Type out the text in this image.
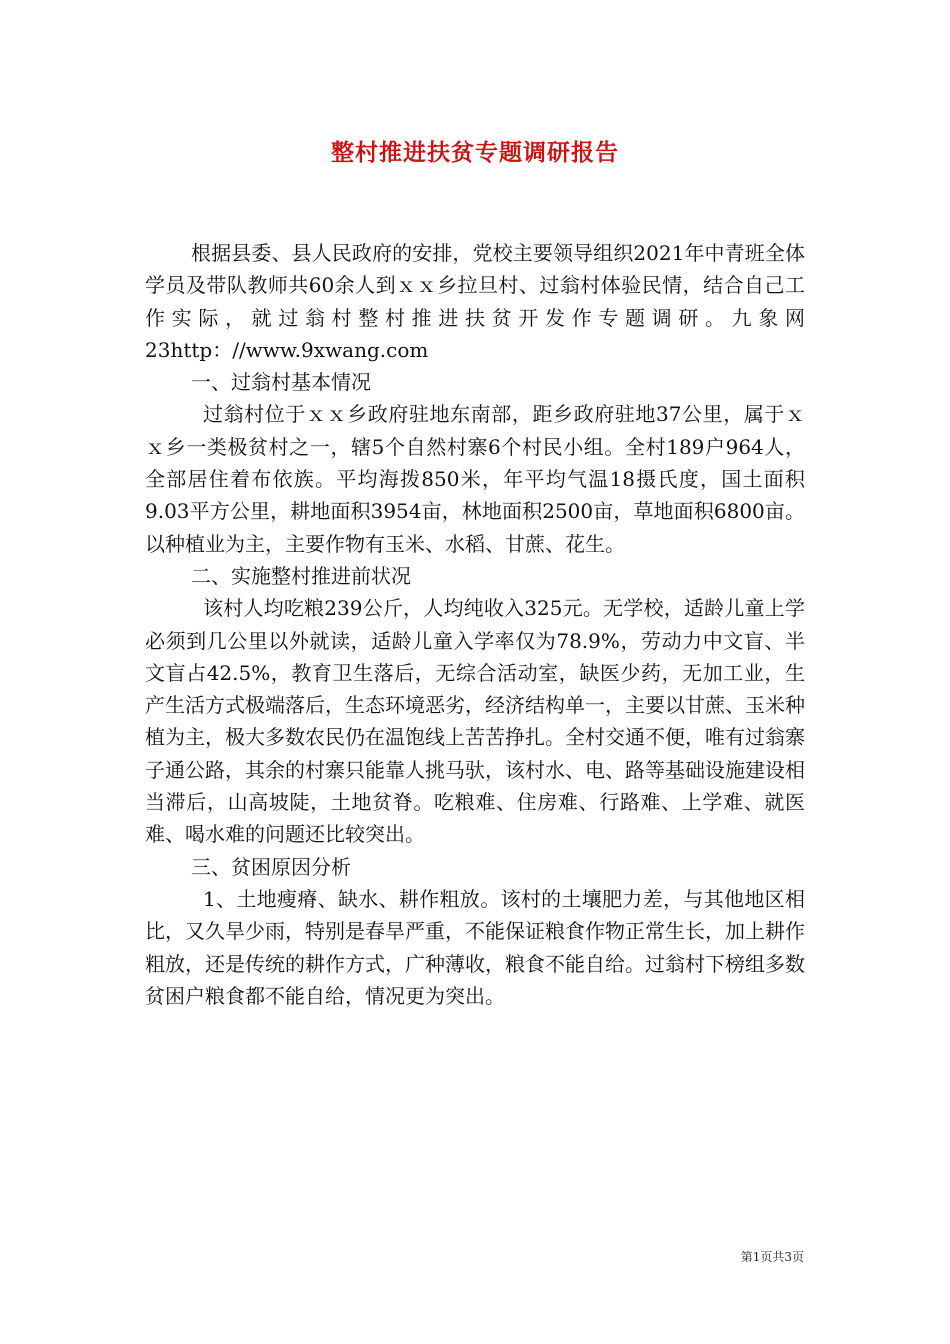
整村推进扶贫专题调研报告

根据县委、县人民政府的安排，党校主要领导组织2021年中青班全体学员及带队教师共60余人到ｘｘ乡拉旦村、过翁村体验民情，结合自己工作实际，就过翁村整村推进扶贫开发作专题调研。九象网23http：//www.9xwang.com

一、过翁村基本情况

过翁村位于ｘｘ乡政府驻地东南部，距乡政府驻地37公里，属于ｘｘ乡一类极贫村之一，辖5个自然村寨6个村民小组。全村189户964人，全部居住着布依族。平均海拨850米，年平均气温18摄氏度，国土面积9.03平方公里，耕地面积3954亩，林地面积2500亩，草地面积6800亩。以种植业为主，主要作物有玉米、水稻、甘蔗、花生。

二、实施整村推进前状况

该村人均吃粮239公斤，人均纯收入325元。无学校，适龄儿童上学必须到几公里以外就读，适龄儿童入学率仅为78.9%，劳动力中文盲、半文盲占42.5%，教育卫生落后，无综合活动室，缺医少药，无加工业，生产生活方式极端落后，生态环境恶劣，经济结构单一，主要以甘蔗、玉米种植为主，极大多数农民仍在温饱线上苦苦挣扎。全村交通不便，唯有过翁寨子通公路，其余的村寨只能靠人挑马驮，该村水、电、路等基础设施建设相当滞后，山高坡陡，土地贫脊。吃粮难、住房难、行路难、上学难、就医难、喝水难的问题还比较突出。

三、贫困原因分析

1、土地瘦瘠、缺水、耕作粗放。该村的土壤肥力差，与其他地区相比，又久旱少雨，特别是春旱严重，不能保证粮食作物正常生长，加上耕作粗放，还是传统的耕作方式，广种薄收，粮食不能自给。过翁村下榜组多数贫困户粮食都不能自给，情况更为突出。

第1页共3页
